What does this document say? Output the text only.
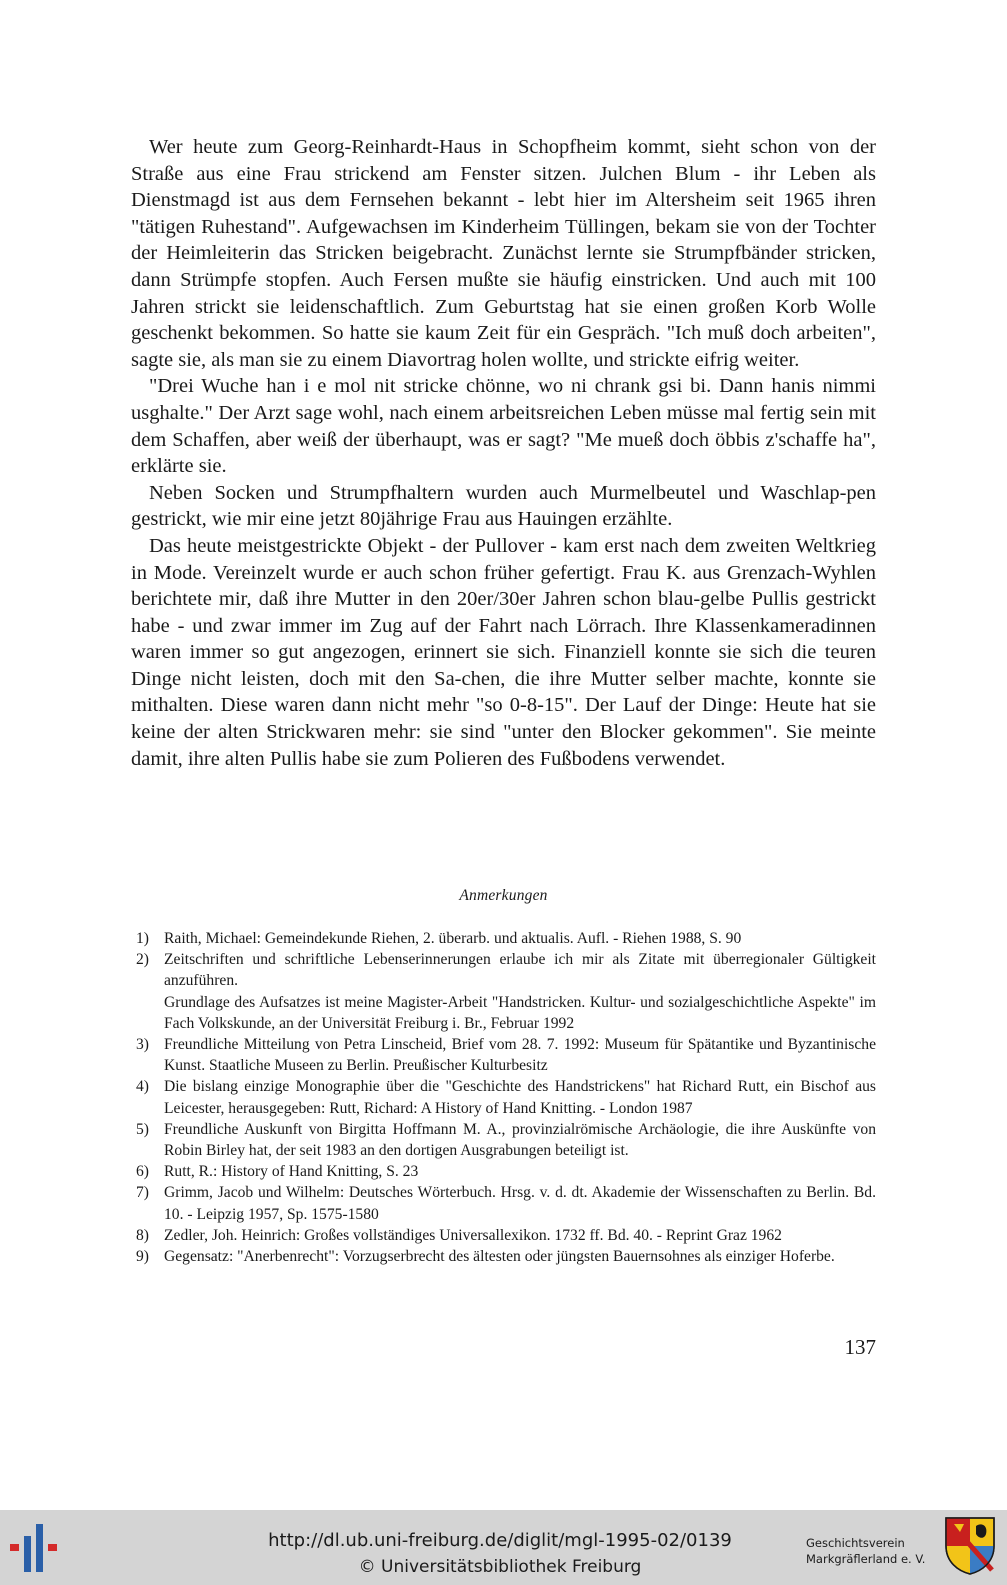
Wer heute zum Georg-Reinhardt-Haus in Schopfheim kommt, sieht schon von der Straße aus eine Frau strickend am Fenster sitzen. Julchen Blum - ihr Leben als Dienstmagd ist aus dem Fernsehen bekannt - lebt hier im Altersheim seit 1965 ihren "tätigen Ruhestand". Aufgewachsen im Kinderheim Tüllingen, bekam sie von der Tochter der Heimleiterin das Stricken beigebracht. Zunächst lernte sie Strumpfbänder stricken, dann Strümpfe stopfen. Auch Fersen mußte sie häufig einstricken. Und auch mit 100 Jahren strickt sie leidenschaftlich. Zum Geburtstag hat sie einen großen Korb Wolle geschenkt bekommen. So hatte sie kaum Zeit für ein Gespräch. "Ich muß doch arbeiten", sagte sie, als man sie zu einem Diavortrag holen wollte, und strickte eifrig weiter.

"Drei Wuche han i e mol nit stricke chönne, wo ni chrank gsi bi. Dann hanis nimmi usghalte." Der Arzt sage wohl, nach einem arbeitsreichen Leben müsse mal fertig sein mit dem Schaffen, aber weiß der überhaupt, was er sagt? "Me mueß doch öbbis z'schaffe ha", erklärte sie.

Neben Socken und Strumpfhaltern wurden auch Murmelbeutel und Waschlap-pen gestrickt, wie mir eine jetzt 80jährige Frau aus Hauingen erzählte.

Das heute meistgestrickte Objekt - der Pullover - kam erst nach dem zweiten Weltkrieg in Mode. Vereinzelt wurde er auch schon früher gefertigt. Frau K. aus Grenzach-Wyhlen berichtete mir, daß ihre Mutter in den 20er/30er Jahren schon blau-gelbe Pullis gestrickt habe - und zwar immer im Zug auf der Fahrt nach Lörrach. Ihre Klassenkameradinnen waren immer so gut angezogen, erinnert sie sich. Finanziell konnte sie sich die teuren Dinge nicht leisten, doch mit den Sa-chen, die ihre Mutter selber machte, konnte sie mithalten. Diese waren dann nicht mehr "so 0-8-15". Der Lauf der Dinge: Heute hat sie keine der alten Strickwaren mehr: sie sind "unter den Blocker gekommen". Sie meinte damit, ihre alten Pullis habe sie zum Polieren des Fußbodens verwendet.

Anmerkungen
1) Raith, Michael: Gemeindekunde Riehen, 2. überarb. und aktualis. Aufl. - Riehen 1988, S. 90
2) Zeitschriften und schriftliche Lebenserinnerungen erlaube ich mir als Zitate mit überregionaler Gültigkeit anzuführen.
Grundlage des Aufsatzes ist meine Magister-Arbeit "Handstricken. Kultur- und sozialgeschichtliche Aspekte" im Fach Volkskunde, an der Universität Freiburg i. Br., Februar 1992
3) Freundliche Mitteilung von Petra Linscheid, Brief vom 28. 7. 1992: Museum für Spätantike und Byzantinische Kunst. Staatliche Museen zu Berlin. Preußischer Kulturbesitz
4) Die bislang einzige Monographie über die "Geschichte des Handstrickens" hat Richard Rutt, ein Bischof aus Leicester, herausgegeben: Rutt, Richard: A History of Hand Knitting. - London 1987
5) Freundliche Auskunft von Birgitta Hoffmann M. A., provinzialrömische Archäologie, die ihre Auskünfte von Robin Birley hat, der seit 1983 an den dortigen Ausgrabungen beteiligt ist.
6) Rutt, R.: History of Hand Knitting, S. 23
7) Grimm, Jacob und Wilhelm: Deutsches Wörterbuch. Hrsg. v. d. dt. Akademie der Wissenschaften zu Berlin. Bd. 10. - Leipzig 1957, Sp. 1575-1580
8) Zedler, Joh. Heinrich: Großes vollständiges Universallexikon. 1732 ff. Bd. 40. - Reprint Graz 1962
9) Gegensatz: "Anerbenrecht": Vorzugserbrecht des ältesten oder jüngsten Bauernsohnes als einziger Hoferbe.
137
http://dl.ub.uni-freiburg.de/diglit/mgl-1995-02/0139
© Universitätsbibliothek Freiburg
Geschichtsverein
Markgräflerland e. V.
